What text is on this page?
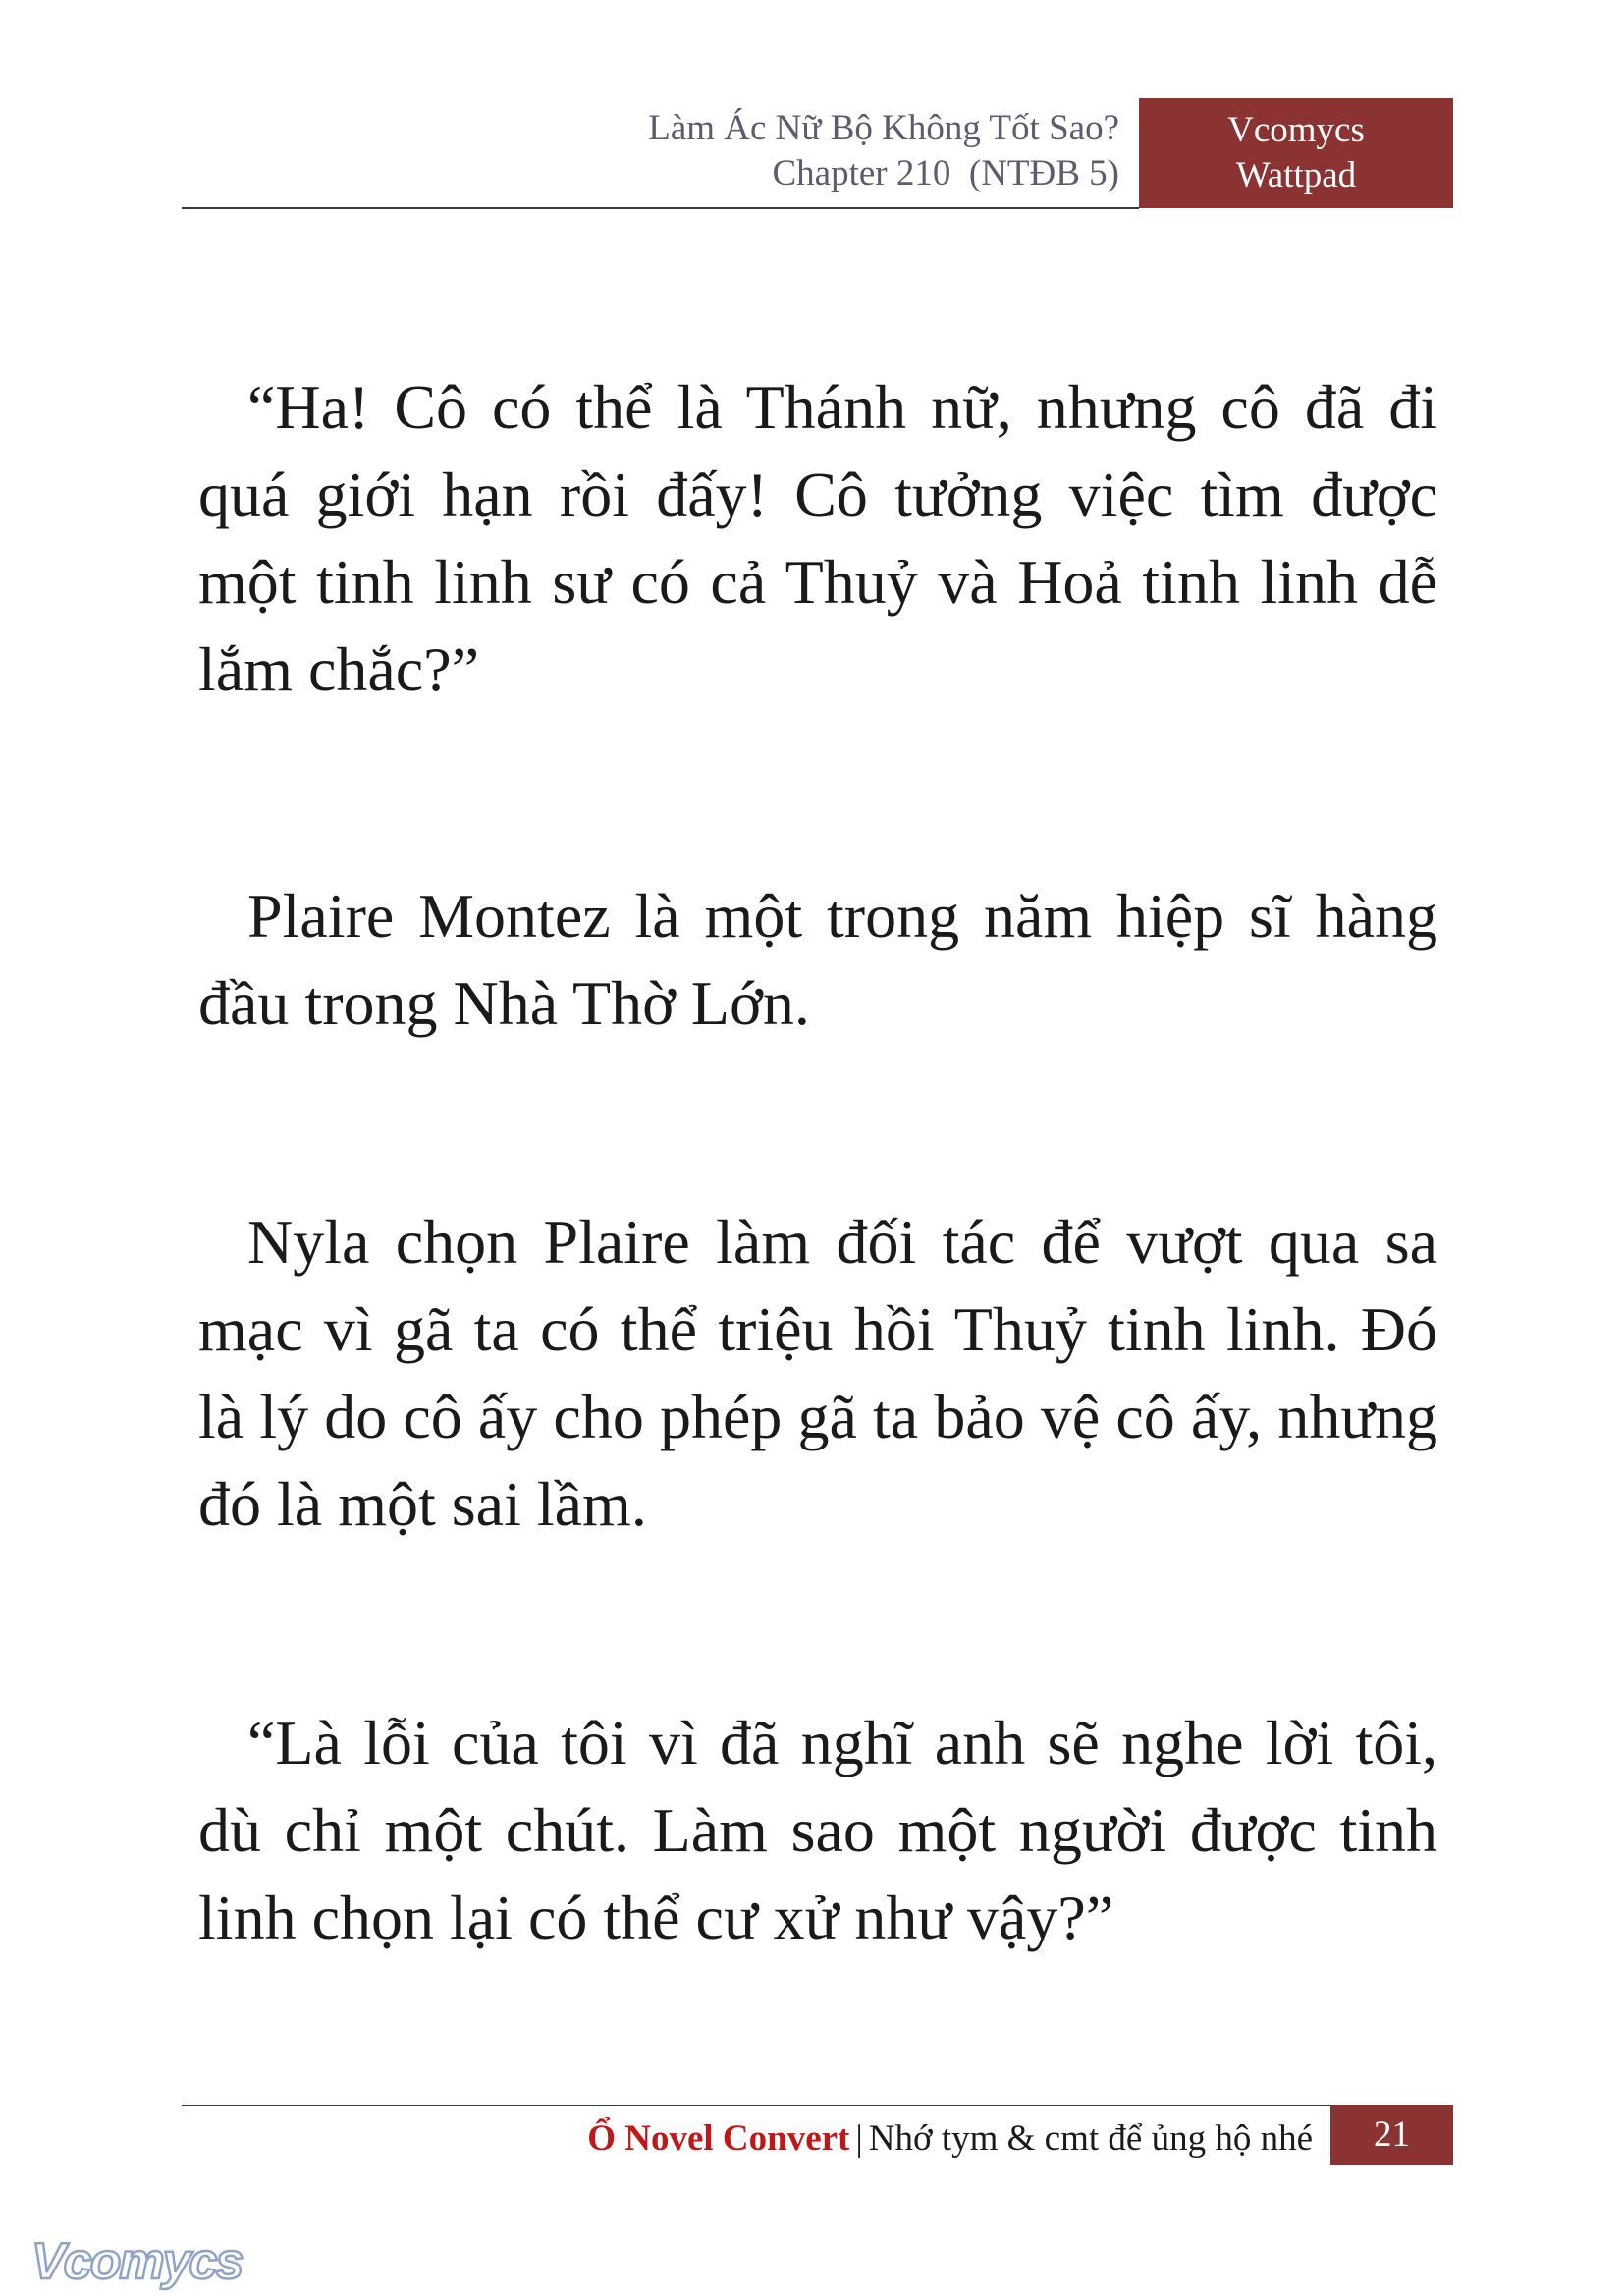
Làm Ác Nữ Bộ Không Tốt Sao?
Chapter 210  (NTĐB 5)
Vcomycs
Wattpad

“Ha! Cô có thể là Thánh nữ, nhưng cô đã đi quá giới hạn rồi đấy! Cô tưởng việc tìm được một tinh linh sư có cả Thuỷ và Hoả tinh linh dễ lắm chắc?”

Plaire Montez là một trong năm hiệp sĩ hàng đầu trong Nhà Thờ Lớn.

Nyla chọn Plaire làm đối tác để vượt qua sa mạc vì gã ta có thể triệu hồi Thuỷ tinh linh. Đó là lý do cô ấy cho phép gã ta bảo vệ cô ấy, nhưng đó là một sai lầm.

“Là lỗi của tôi vì đã nghĩ anh sẽ nghe lời tôi, dù chỉ một chút. Làm sao một người được tinh linh chọn lại có thể cư xử như vậy?”

Ổ Novel Convert | Nhớ tym & cmt để ủng hộ nhé	21
Vcomycs
